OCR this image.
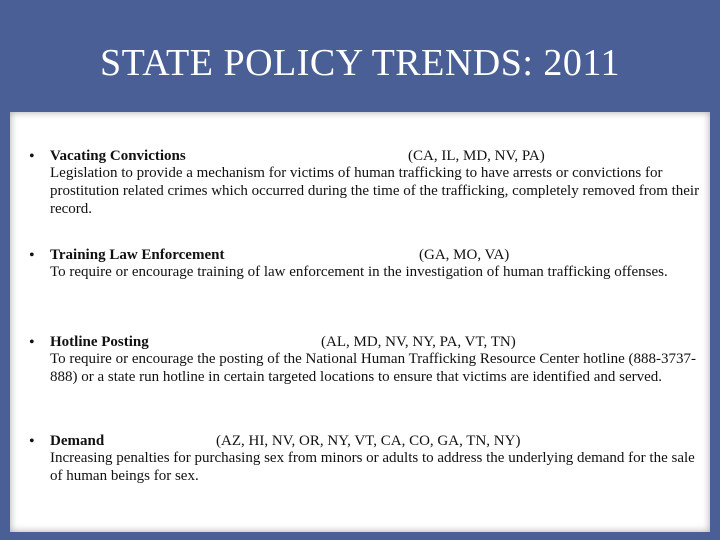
STATE POLICY TRENDS: 2011
• Vacating Convictions	(CA, IL, MD, NV, PA)
Legislation to provide a mechanism for victims of human trafficking to have arrests or convictions for prostitution related crimes which occurred during the time of the trafficking, completely removed from their record.
• Training Law Enforcement	(GA, MO, VA)
To require or encourage training of law enforcement in the investigation of human trafficking offenses.
• Hotline Posting	(AL, MD, NV, NY, PA, VT, TN)
To require or encourage the posting of the National Human Trafficking Resource Center hotline (888-3737-888) or a state run hotline in certain targeted locations to ensure that victims are identified and served.
• Demand	(AZ, HI, NV, OR, NY, VT, CA, CO, GA, TN, NY)
Increasing penalties for purchasing sex from minors or adults to address the underlying demand for the sale of human beings for sex.
